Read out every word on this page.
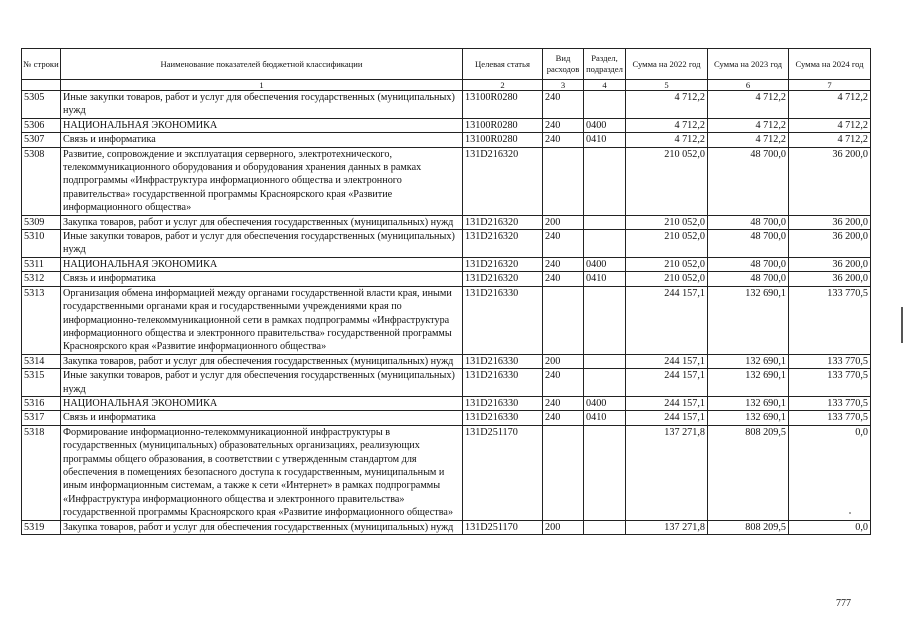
№ строки	Наименование показателей бюджетной классификации	Целевая статья	Вид расходов	Раздел, подраздел	Сумма на 2022 год	Сумма на 2023 год	Сумма на 2024 год
	1	2	3	4	5	6	7
5305	Иные закупки товаров, работ и услуг для обеспечения государственных (муниципальных) нужд	13100R0280	240		4 712,2	4 712,2	4 712,2
5306	НАЦИОНАЛЬНАЯ ЭКОНОМИКА	13100R0280	240	0400	4 712,2	4 712,2	4 712,2
5307	Связь и информатика	13100R0280	240	0410	4 712,2	4 712,2	4 712,2
5308	Развитие, сопровождение и эксплуатация серверного, электротехнического, телекоммуникационного оборудования и оборудования хранения данных в рамках подпрограммы «Инфраструктура информационного общества и электронного правительства» государственной программы Красноярского края «Развитие информационного общества»	131D216320			210 052,0	48 700,0	36 200,0
5309	Закупка товаров, работ и услуг для обеспечения государственных (муниципальных) нужд	131D216320	200		210 052,0	48 700,0	36 200,0
5310	Иные закупки товаров, работ и услуг для обеспечения государственных (муниципальных) нужд	131D216320	240		210 052,0	48 700,0	36 200,0
5311	НАЦИОНАЛЬНАЯ ЭКОНОМИКА	131D216320	240	0400	210 052,0	48 700,0	36 200,0
5312	Связь и информатика	131D216320	240	0410	210 052,0	48 700,0	36 200,0
5313	Организация обмена информацией между органами государственной власти края, иными государственными органами края и государственными учреждениями края по информационно-телекоммуникационной сети в рамках подпрограммы «Инфраструктура информационного общества и электронного правительства» государственной программы Красноярского края «Развитие информационного общества»	131D216330			244 157,1	132 690,1	133 770,5
5314	Закупка товаров, работ и услуг для обеспечения государственных (муниципальных) нужд	131D216330	200		244 157,1	132 690,1	133 770,5
5315	Иные закупки товаров, работ и услуг для обеспечения государственных (муниципальных) нужд	131D216330	240		244 157,1	132 690,1	133 770,5
5316	НАЦИОНАЛЬНАЯ ЭКОНОМИКА	131D216330	240	0400	244 157,1	132 690,1	133 770,5
5317	Связь и информатика	131D216330	240	0410	244 157,1	132 690,1	133 770,5
5318	Формирование информационно-телекоммуникационной инфраструктуры в государственных (муниципальных) образовательных организациях, реализующих программы общего образования, в соответствии с утвержденным стандартом для обеспечения в помещениях безопасного доступа к государственным, муниципальным и иным информационным системам, а также к сети «Интернет» в рамках подпрограммы «Инфраструктура информационного общества и электронного правительства» государственной программы Красноярского края «Развитие информационного общества»	131D251170			137 271,8	808 209,5	0,0
5319	Закупка товаров, работ и услуг для обеспечения государственных (муниципальных) нужд	131D251170	200		137 271,8	808 209,5	0,0
777
